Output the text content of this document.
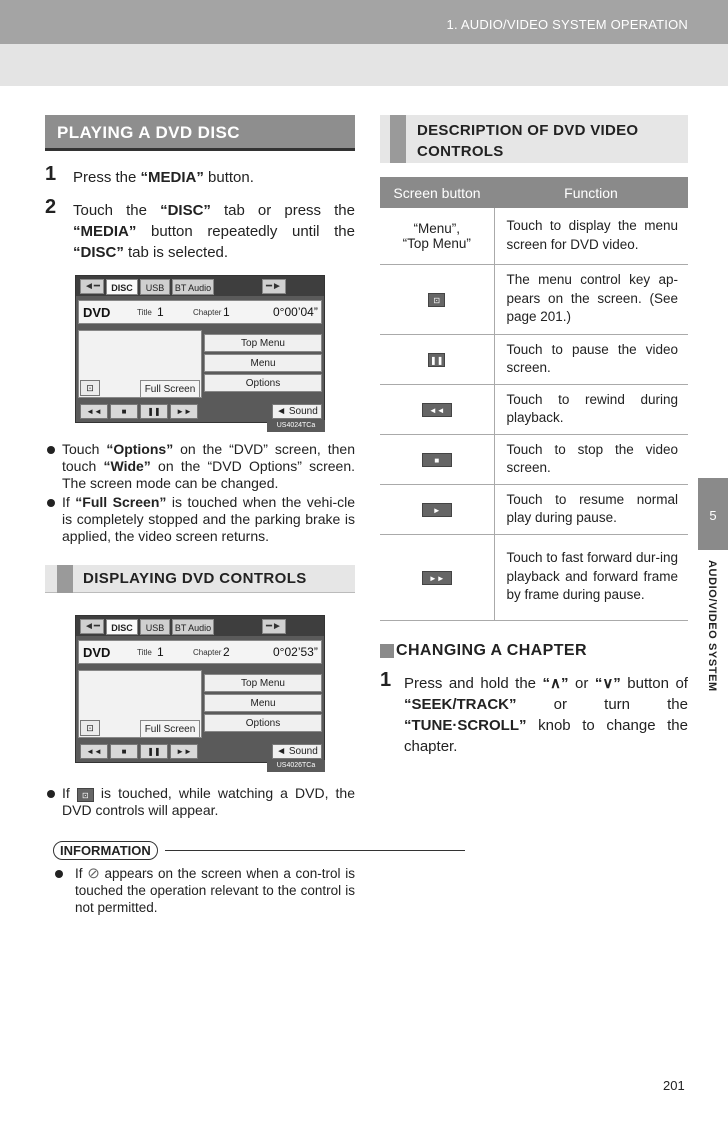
1. AUDIO/VIDEO SYSTEM OPERATION
5
AUDIO/VIDEO SYSTEM
PLAYING A DVD DISC
1 Press the “MEDIA” button.
2 Touch the “DISC” tab or press the “MEDIA” button repeatedly until the “DISC” tab is selected.
◄━	DISC	USB	BT Audio	━►
DVD	Title 1	Chapter 1	0°00’04”
Top Menu
Menu
Options
⊡	Full Screen
◄◄	■	❚❚	►►	◄ Sound
US4024TCa
Touch “Options” on the “DVD” screen, then touch “Wide” on the “DVD Options” screen. The screen mode can be changed.
If “Full Screen” is touched when the vehi-cle is completely stopped and the parking brake is applied, the video screen returns.
DISPLAYING DVD CONTROLS
◄━	DISC	USB	BT Audio	━►
DVD	Title 1	Chapter 2	0°02’53”
Top Menu
Menu
Options
⊡	Full Screen
◄◄	■	❚❚	►►	◄ Sound
US4026TCa
If ⊡ is touched, while watching a DVD, the DVD controls will appear.
INFORMATION
If ⊘ appears on the screen when a con-trol is touched the operation relevant to the control is not permitted.
DESCRIPTION OF DVD VIDEO
CONTROLS
Screen button	Function

“Menu”,
“Top Menu”	Touch to display the menu screen for DVD video.
⊡	The menu control key ap-pears on the screen. (See page 201.)
❚❚	Touch to pause the video screen.
◄◄	Touch to rewind during playback.
■	Touch to stop the video screen.
►	Touch to resume normal play during pause.
►►	Touch to fast forward dur-ing playback and forward frame by frame during pause.
CHANGING A CHAPTER
1 Press and hold the “∧” or “∨” button of “SEEK/TRACK” or turn the “TUNE·SCROLL” knob to change the chapter.
201
